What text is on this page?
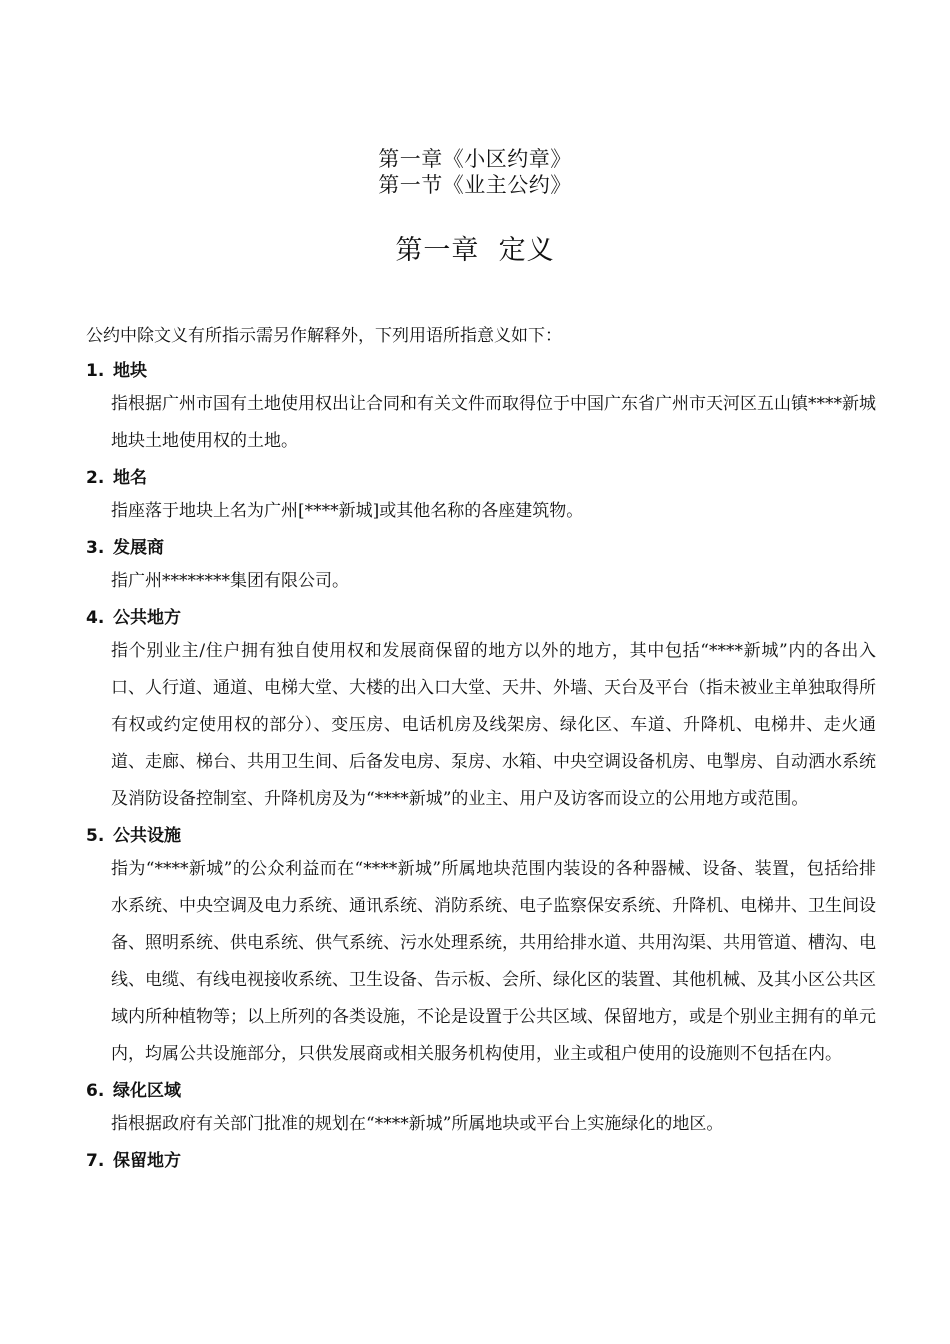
第一章《小区约章》
第一节《业主公约》
第一章  定义
公约中除文义有所指示需另作解释外，下列用语所指意义如下：
1. 地块
指根据广州市国有土地使用权出让合同和有关文件而取得位于中国广东省广州市天河区五山镇****新城地块土地使用权的土地。
2. 地名
指座落于地块上名为广州[****新城]或其他名称的各座建筑物。
3. 发展商
指广州********集团有限公司。
4. 公共地方
指个别业主/住户拥有独自使用权和发展商保留的地方以外的地方，其中包括“****新城”内的各出入口、人行道、通道、电梯大堂、大楼的出入口大堂、天井、外墙、天台及平台（指未被业主单独取得所有权或约定使用权的部分）、变压房、电话机房及线架房、绿化区、车道、升降机、电梯井、走火通道、走廊、梯台、共用卫生间、后备发电房、泵房、水箱、中央空调设备机房、电掣房、自动洒水系统及消防设备控制室、升降机房及为“****新城”的业主、用户及访客而设立的公用地方或范围。
5. 公共设施
指为“****新城”的公众利益而在“****新城”所属地块范围内装设的各种器械、设备、装置，包括给排水系统、中央空调及电力系统、通讯系统、消防系统、电子监察保安系统、升降机、电梯井、卫生间设备、照明系统、供电系统、供气系统、污水处理系统，共用给排水道、共用沟渠、共用管道、槽沟、电线、电缆、有线电视接收系统、卫生设备、告示板、会所、绿化区的装置、其他机械、及其小区公共区域内所种植物等；以上所列的各类设施，不论是设置于公共区域、保留地方，或是个别业主拥有的单元内，均属公共设施部分，只供发展商或相关服务机构使用，业主或租户使用的设施则不包括在内。
6. 绿化区域
指根据政府有关部门批准的规划在“****新城”所属地块或平台上实施绿化的地区。
7. 保留地方
